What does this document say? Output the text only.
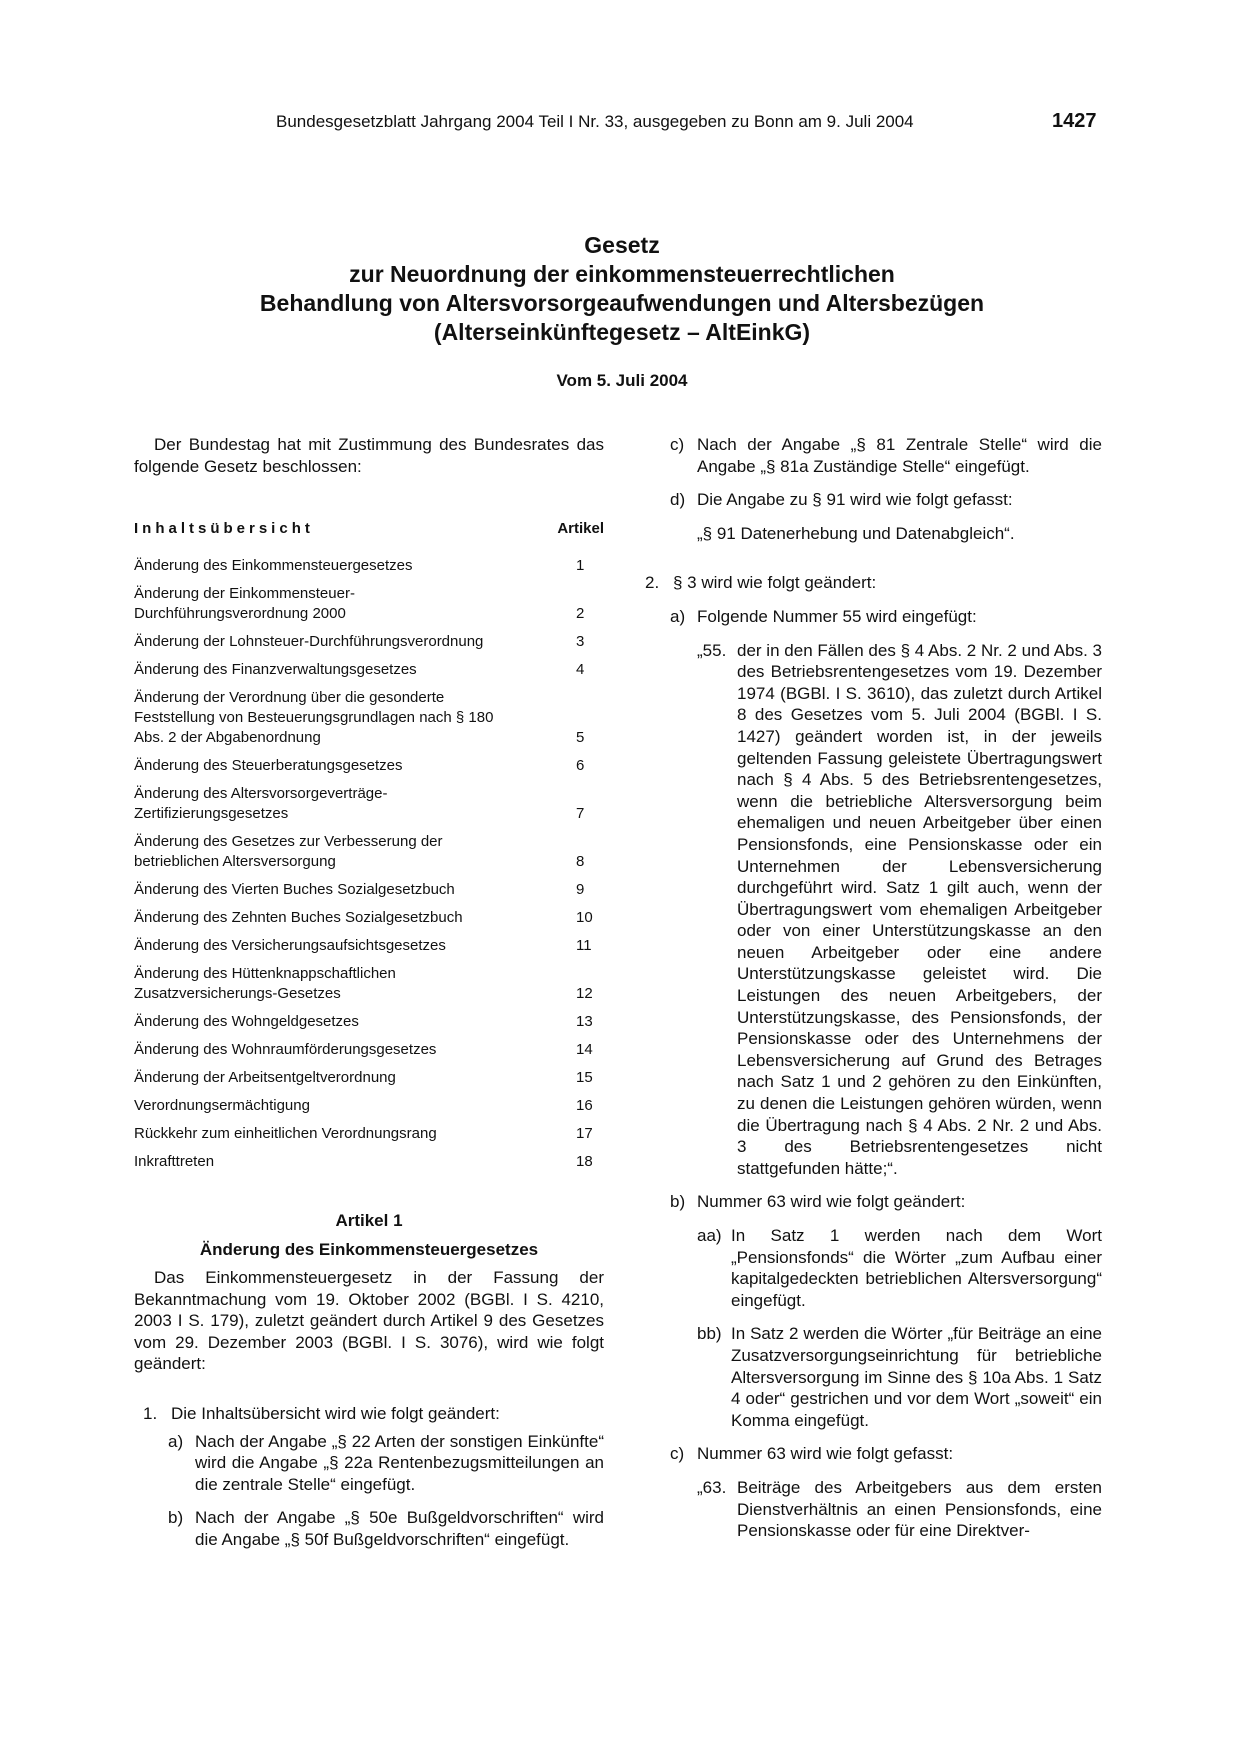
Bundesgesetzblatt Jahrgang 2004 Teil I Nr. 33, ausgegeben zu Bonn am 9. Juli 2004	1427
Gesetz
zur Neuordnung der einkommensteuerrechtlichen
Behandlung von Altersvorsorgeaufwendungen und Altersbezügen
(Alterseinkünftegesetz – AltEinkG)
Vom 5. Juli 2004

Der Bundestag hat mit Zustimmung des Bundesrates das folgende Gesetz beschlossen:

Inhaltsübersicht	Artikel
Änderung des Einkommensteuergesetzes	1
Änderung der Einkommensteuer-Durchführungsverordnung 2000	2
Änderung der Lohnsteuer-Durchführungsverordnung	3
Änderung des Finanzverwaltungsgesetzes	4
Änderung der Verordnung über die gesonderte Feststellung von Besteuerungsgrundlagen nach § 180 Abs. 2 der Abgabenordnung	5
Änderung des Steuerberatungsgesetzes	6
Änderung des Altersvorsorgeverträge-Zertifizierungsgesetzes	7
Änderung des Gesetzes zur Verbesserung der betrieblichen Altersversorgung	8
Änderung des Vierten Buches Sozialgesetzbuch	9
Änderung des Zehnten Buches Sozialgesetzbuch	10
Änderung des Versicherungsaufsichtsgesetzes	11
Änderung des Hüttenknappschaftlichen Zusatzversicherungs-Gesetzes	12
Änderung des Wohngeldgesetzes	13
Änderung des Wohnraumförderungsgesetzes	14
Änderung der Arbeitsentgeltverordnung	15
Verordnungsermächtigung	16
Rückkehr zum einheitlichen Verordnungsrang	17
Inkrafttreten	18
Artikel 1
Änderung des Einkommensteuergesetzes

Das Einkommensteuergesetz in der Fassung der Bekanntmachung vom 19. Oktober 2002 (BGBl. I S. 4210, 2003 I S. 179), zuletzt geändert durch Artikel 9 des Gesetzes vom 29. Dezember 2003 (BGBl. I S. 3076), wird wie folgt geändert:

1. Die Inhaltsübersicht wird wie folgt geändert:
a) Nach der Angabe „§ 22 Arten der sonstigen Einkünfte“ wird die Angabe „§ 22a Rentenbezugsmitteilungen an die zentrale Stelle“ eingefügt.
b) Nach der Angabe „§ 50e Bußgeldvorschriften“ wird die Angabe „§ 50f Bußgeldvorschriften“ eingefügt.
c) Nach der Angabe „§ 81 Zentrale Stelle“ wird die Angabe „§ 81a Zuständige Stelle“ eingefügt.
d) Die Angabe zu § 91 wird wie folgt gefasst:

„§ 91 Datenerhebung und Datenabgleich“.

2. § 3 wird wie folgt geändert:
a) Folgende Nummer 55 wird eingefügt:
„55. der in den Fällen des § 4 Abs. 2 Nr. 2 und Abs. 3 des Betriebsrentengesetzes vom 19. Dezember 1974 (BGBl. I S. 3610), das zuletzt durch Artikel 8 des Gesetzes vom 5. Juli 2004 (BGBl. I S. 1427) geändert worden ist, in der jeweils geltenden Fassung geleistete Übertragungswert nach § 4 Abs. 5 des Betriebsrentengesetzes, wenn die betriebliche Altersversorgung beim ehemaligen und neuen Arbeitgeber über einen Pensionsfonds, eine Pensionskasse oder ein Unternehmen der Lebensversicherung durchgeführt wird. Satz 1 gilt auch, wenn der Übertragungswert vom ehemaligen Arbeitgeber oder von einer Unterstützungskasse an den neuen Arbeitgeber oder eine andere Unterstützungskasse geleistet wird. Die Leistungen des neuen Arbeitgebers, der Unterstützungskasse, des Pensionsfonds, der Pensionskasse oder des Unternehmens der Lebensversicherung auf Grund des Betrages nach Satz 1 und 2 gehören zu den Einkünften, zu denen die Leistungen gehören würden, wenn die Übertragung nach § 4 Abs. 2 Nr. 2 und Abs. 3 des Betriebsrentengesetzes nicht stattgefunden hätte;“.
b) Nummer 63 wird wie folgt geändert:
aa) In Satz 1 werden nach dem Wort „Pensionsfonds“ die Wörter „zum Aufbau einer kapitalgedeckten betrieblichen Altersversorgung“ eingefügt.
bb) In Satz 2 werden die Wörter „für Beiträge an eine Zusatzversorgungseinrichtung für betriebliche Altersversorgung im Sinne des § 10a Abs. 1 Satz 4 oder“ gestrichen und vor dem Wort „soweit“ ein Komma eingefügt.
c) Nummer 63 wird wie folgt gefasst:
„63. Beiträge des Arbeitgebers aus dem ersten Dienstverhältnis an einen Pensionsfonds, eine Pensionskasse oder für eine Direktver-
